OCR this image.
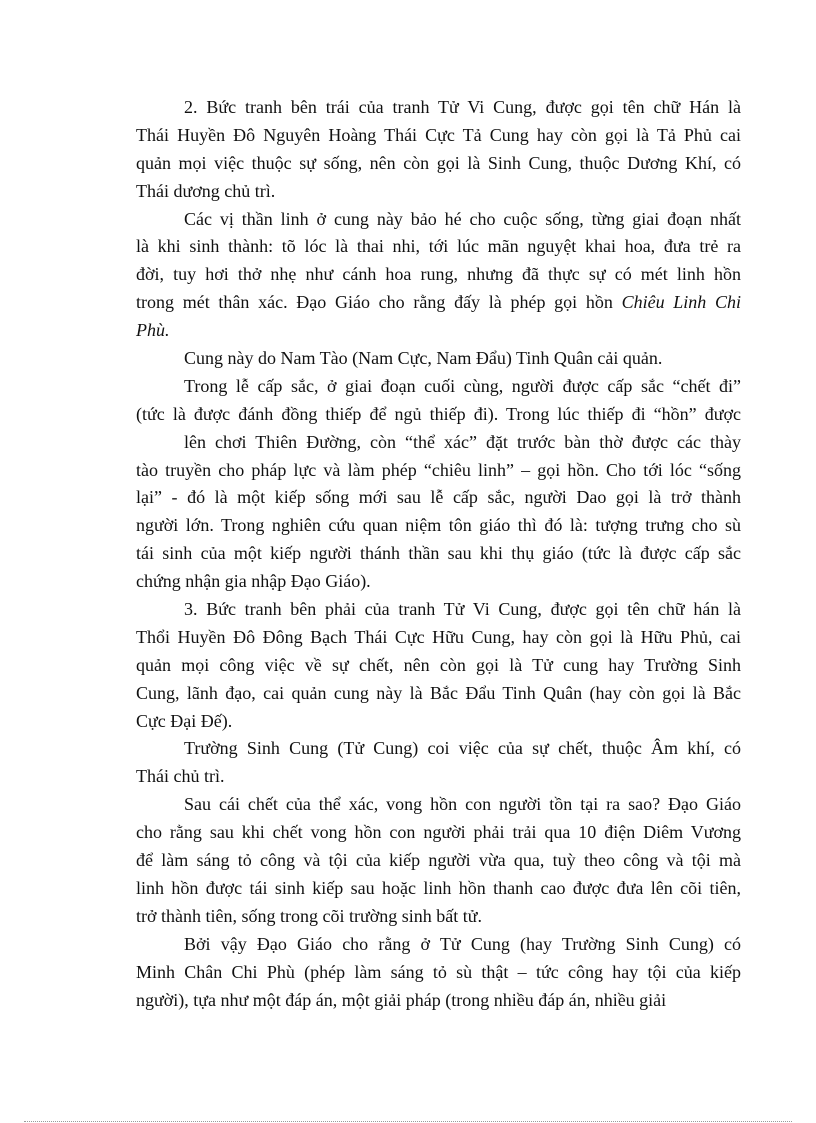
2. Bức tranh bên trái của tranh Tử Vi Cung, được gọi tên chữ Hán là
Thái Huyền Đô Nguyên Hoàng Thái Cực Tả Cung hay còn gọi là Tả Phủ cai
quản mọi việc thuộc sự sống, nên còn gọi là Sinh Cung, thuộc Dương Khí, có
Thái dương chủ trì.
Các vị thần linh ở cung này bảo hé cho cuộc sống, từng giai đoạn nhất
là khi sinh thành: tõ lóc là thai nhi, tới lúc mãn nguyệt khai hoa, đưa trẻ ra
đời, tuy hơi thở nhẹ như cánh hoa rung, nhưng đã thực sự có mét linh hồn
trong mét thân xác. Đạo Giáo cho rằng đấy là phép gọi hồn Chiêu Linh Chi
Phù.
Cung này do Nam Tào (Nam Cực, Nam Đẩu) Tinh Quân cải quản.
Trong lễ cấp sắc, ở giai đoạn cuối cùng, người được cấp sắc “chết đi”
(tức là được đánh đồng thiếp để ngủ thiếp đi). Trong lúc thiếp đi “hồn” được
lên chơi Thiên Đường, còn “thể xác” đặt trước bàn thờ được các thày
tào truyền cho pháp lực và làm phép “chiêu linh” – gọi hồn. Cho tới lóc “sống
lại” - đó là một kiếp sống mới sau lễ cấp sắc, người Dao gọi là trở thành
người lớn. Trong nghiên cứu quan niệm tôn giáo thì đó là: tượng trưng cho sù
tái sinh của một kiếp người thánh thần sau khi thụ giáo (tức là được cấp sắc
chứng nhận gia nhập Đạo Giáo).
3. Bức tranh bên phải của tranh Tử Vi Cung, được gọi tên chữ hán là
Thổi Huyền Đô Đông Bạch Thái Cực Hữu Cung, hay còn gọi là Hữu Phủ, cai
quản mọi công việc về sự chết, nên còn gọi là Tử cung hay Trường Sinh
Cung, lãnh đạo, cai quản cung này là Bắc Đẩu Tinh Quân (hay còn gọi là Bắc
Cực Đại Đế).
Trường Sinh Cung (Tử Cung) coi việc của sự chết, thuộc Âm khí, có
Thái chủ trì.
Sau cái chết của thể xác, vong hồn con người tồn tại ra sao? Đạo Giáo
cho rằng sau khi chết vong hồn con người phải trải qua 10 điện Diêm Vương
để làm sáng tỏ công và tội của kiếp người vừa qua, tuỳ theo công và tội mà
linh hồn được tái sinh kiếp sau hoặc linh hồn thanh cao được đưa lên cõi tiên,
trở thành tiên, sống trong cõi trường sinh bất tử.
Bởi vậy Đạo Giáo cho rằng ở Tử Cung (hay Trường Sinh Cung) có
Minh Chân Chi Phù (phép làm sáng tỏ sù thật – tức công hay tội của kiếp
người), tựa như một đáp án, một giải pháp (trong nhiều đáp án, nhiều giải
